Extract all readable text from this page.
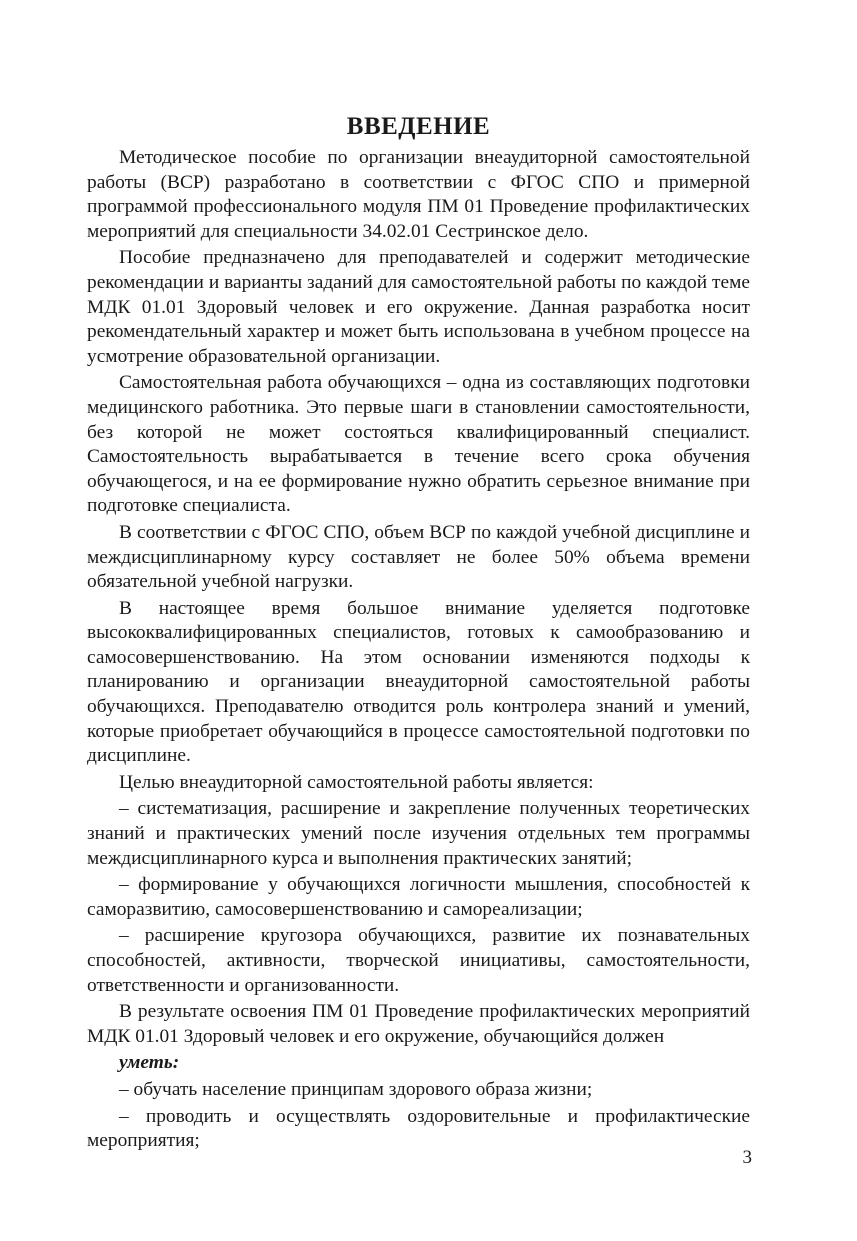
ВВЕДЕНИЕ

Методическое пособие по организации внеаудиторной самостоятельной работы (ВСР) разработано в соответствии с ФГОС СПО и примерной программой профессионального модуля ПМ 01 Проведение профилактических мероприятий для специальности 34.02.01 Сестринское дело.

Пособие предназначено для преподавателей и содержит методические рекомендации и варианты заданий для самостоятельной работы по каждой теме МДК 01.01 Здоровый человек и его окружение. Данная разработка носит рекомендательный характер и может быть использована в учебном процессе на усмотрение образовательной организации.

Самостоятельная работа обучающихся – одна из составляющих подготовки медицинского работника. Это первые шаги в становлении самостоятельности, без которой не может состояться квалифицированный специалист. Самостоятельность вырабатывается в течение всего срока обучения обучающегося, и на ее формирование нужно обратить серьезное внимание при подготовке специалиста.

В соответствии с ФГОС СПО, объем ВСР по каждой учебной дисциплине и междисциплинарному курсу составляет не более 50% объема времени обязательной учебной нагрузки.

В настоящее время большое внимание уделяется подготовке высококвалифицированных специалистов, готовых к самообразованию и самосовершенствованию. На этом основании изменяются подходы к планированию и организации внеаудиторной самостоятельной работы обучающихся. Преподавателю отводится роль контролера знаний и умений, которые приобретает обучающийся в процессе самостоятельной подготовки по дисциплине.

Целью внеаудиторной самостоятельной работы является:

– систематизация, расширение и закрепление полученных теоретических знаний и практических умений после изучения отдельных тем программы междисциплинарного курса и выполнения практических занятий;

– формирование у обучающихся логичности мышления, способностей к саморазвитию, самосовершенствованию и самореализации;

– расширение кругозора обучающихся, развитие их познавательных способностей, активности, творческой инициативы, самостоятельности, ответственности и организованности.

В результате освоения ПМ 01 Проведение профилактических мероприятий МДК 01.01 Здоровый человек и его окружение, обучающийся должен

уметь:

– обучать население принципам здорового образа жизни;

– проводить и осуществлять оздоровительные и профилактические мероприятия;

3
